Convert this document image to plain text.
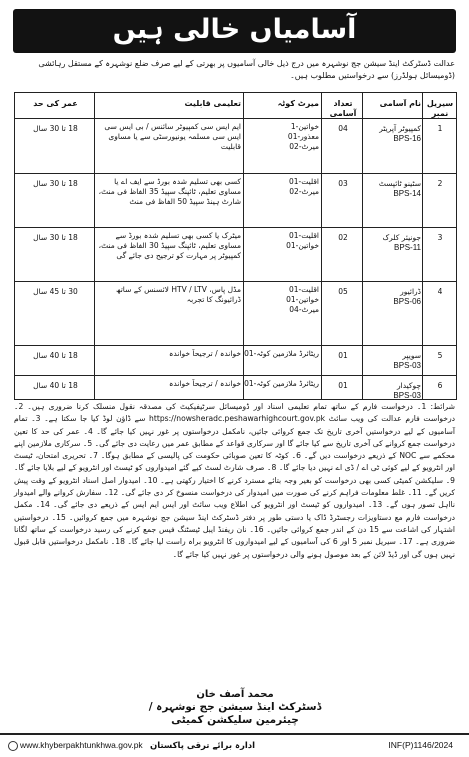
آسامیاں خالی ہیں
عدالت ڈسٹرکٹ اینڈ سیشن جج نوشہرہ میں درج ذیل خالی آسامیوں پر بھرتی کے لیے صرف ضلع نوشہرہ کے مستقل رہائشی (ڈومیسائل ہولڈرز) سے درخواستیں مطلوب ہیں۔
سیریل نمبر
نام آسامی
تعداد آسامی
میرٹ کوٹہ
تعلیمی قابلیت
عمر کی حد
1
کمپیوٹر آپریٹر
BPS-16
04
خواتین-1
معذور-01
میرٹ-02
ایم ایس سی کمپیوٹر سائنس / بی ایس سی ایس سی مسلمہ یونیورسٹی سے یا مساوی قابلیت
18 تا 30 سال
2
سٹینو ٹائپسٹ
BPS-14
03
اقلیت-01
میرٹ-02
کسی بھی تسلیم شدہ بورڈ سے ایف اے یا مساوی تعلیم، ٹائپنگ سپیڈ 35 الفاظ فی منٹ، شارٹ ہینڈ سپیڈ 50 الفاظ فی منٹ
18 تا 30 سال
3
جونیئر کلرک
BPS-11
02
اقلیت-01
خواتین-01
میٹرک یا کسی بھی تسلیم شدہ بورڈ سے مساوی تعلیم، ٹائپنگ سپیڈ 30 الفاظ فی منٹ، کمپیوٹر پر مہارت کو ترجیح دی جائے گی
18 تا 30 سال
4
ڈرائیور
BPS-06
05
اقلیت-01
خواتین-01
میرٹ-04
مڈل پاس، HTV / LTV لائسنس کے ساتھ ڈرائیونگ کا تجربہ
30 تا 45 سال
5
سویپر
BPS-03
01
ریٹائرڈ ملازمین کوٹہ-01
خواندہ / ترجیحاً خواندہ
18 تا 40 سال
6
چوکیدار
BPS-03
01
ریٹائرڈ ملازمین کوٹہ-01
خواندہ / ترجیحاً خواندہ
18 تا 40 سال
شرائط: 1۔ درخواست فارم کے ساتھ تمام تعلیمی اسناد اور ڈومیسائل سرٹیفیکیٹ کی مصدقہ نقول منسلک کرنا ضروری ہیں۔ 2۔ درخواست فارم عدالت کی ویب سائٹ https://nowsheradc.peshawarhighcourt.gov.pk سے ڈاؤن لوڈ کیا جا سکتا ہے۔ 3۔ تمام آسامیوں کے لیے درخواستیں آخری تاریخ تک جمع کروائی جائیں، نامکمل درخواستوں پر غور نہیں کیا جائے گا۔ 4۔ عمر کی حد کا تعین درخواست جمع کروانے کی آخری تاریخ سے کیا جائے گا اور سرکاری قواعد کے مطابق عمر میں رعایت دی جائے گی۔ 5۔ سرکاری ملازمین اپنے محکمے سے NOC کے ذریعے درخواست دیں گے۔ 6۔ کوٹہ کا تعین صوبائی حکومت کی پالیسی کے مطابق ہوگا۔ 7۔ تحریری امتحان، ٹیسٹ اور انٹرویو کے لیے کوئی ٹی اے / ڈی اے نہیں دیا جائے گا۔ 8۔ صرف شارٹ لسٹ کیے گئے امیدواروں کو ٹیسٹ اور انٹرویو کے لیے بلایا جائے گا۔ 9۔ سلیکشن کمیٹی کسی بھی درخواست کو بغیر وجہ بتائے مسترد کرنے کا اختیار رکھتی ہے۔ 10۔ امیدوار اصل اسناد انٹرویو کے وقت پیش کریں گے۔ 11۔ غلط معلومات فراہم کرنے کی صورت میں امیدوار کی درخواست منسوخ کر دی جائے گی۔ 12۔ سفارش کروانے والے امیدوار نااہل تصور ہوں گے۔ 13۔ امیدواروں کو ٹیسٹ اور انٹرویو کی اطلاع ویب سائٹ اور ایس ایم ایس کے ذریعے دی جائے گی۔ 14۔ مکمل درخواست فارم مع دستاویزات رجسٹرڈ ڈاک یا دستی طور پر دفتر ڈسٹرکٹ اینڈ سیشن جج نوشہرہ میں جمع کروائیں۔ 15۔ درخواستیں اشتہار کی اشاعت سے 15 دن کے اندر جمع کروائی جائیں۔ 16۔ نان ریفنڈ ایبل ٹیسٹنگ فیس جمع کرنے کی رسید درخواست کے ساتھ لگانا ضروری ہے۔ 17۔ سیریل نمبر 5 اور 6 کی آسامیوں کے لیے امیدواروں کا انٹرویو براہ راست لیا جائے گا۔ 18۔ نامکمل درخواستیں قابل قبول نہیں ہوں گی اور ڈیڈ لائن کے بعد موصول ہونے والی درخواستوں پر غور نہیں کیا جائے گا۔
محمد آصف خان
ڈسٹرکٹ اینڈ سیشن جج نوشہرہ / چیئرمین سلیکشن کمیٹی
www.khyberpakhtunkhwa.gov.pk ادارہ برائے ترقی پاکستان	INF(P)1146/2024
